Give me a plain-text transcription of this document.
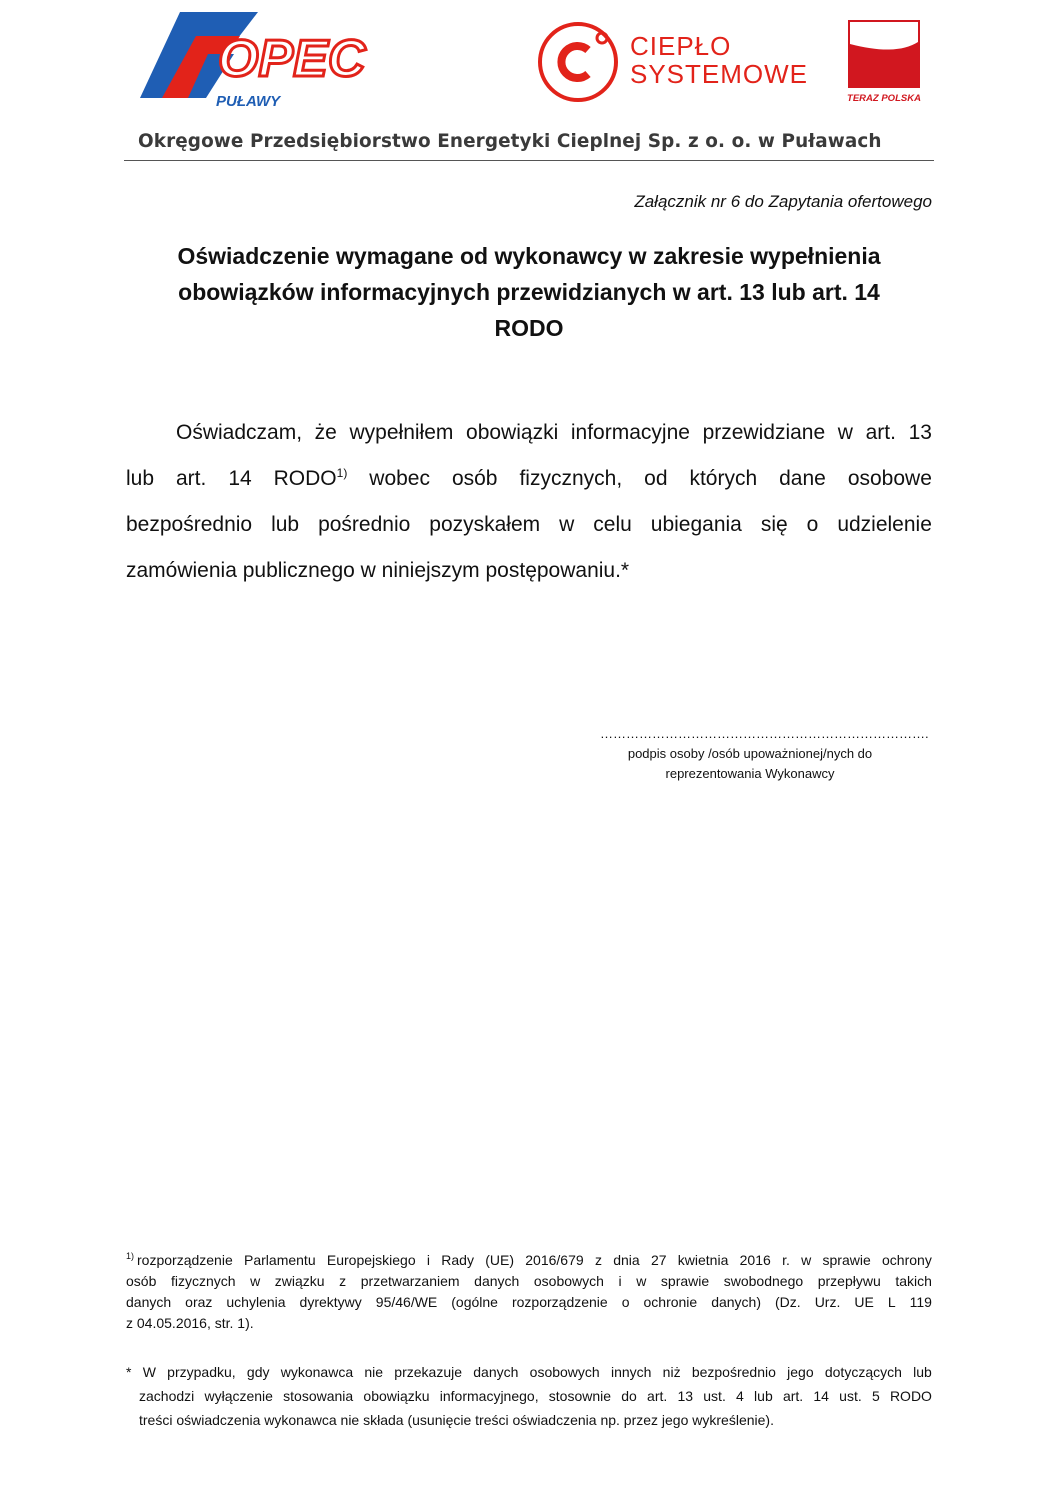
OPEC
PUŁAWY
CIEPŁO
SYSTEMOWE
TERAZ POLSKA
Okręgowe Przedsiębiorstwo Energetyki Cieplnej Sp. z o. o. w Puławach
Załącznik nr 6 do Zapytania ofertowego
Oświadczenie wymagane od wykonawcy w zakresie wypełnienia
obowiązków informacyjnych przewidzianych w art. 13 lub art. 14
RODO
Oświadczam, że wypełniłem obowiązki informacyjne przewidziane w art. 13
lub art. 14 RODO$^{1)}$ wobec osób fizycznych, od których dane osobowe
bezpośrednio lub pośrednio pozyskałem w celu ubiegania się o udzielenie
zamówienia publicznego w niniejszym postępowaniu.*
………………………………………………………………….
podpis osoby /osób upoważnionej/nych do
reprezentowania Wykonawcy
$^{1)}$ rozporządzenie Parlamentu Europejskiego i Rady (UE) 2016/679 z dnia 27 kwietnia 2016 r. w sprawie ochrony
osób fizycznych w związku z przetwarzaniem danych osobowych i w sprawie swobodnego przepływu takich
danych oraz uchylenia dyrektywy 95/46/WE (ogólne rozporządzenie o ochronie danych) (Dz. Urz. UE L 119
z 04.05.2016, str. 1).
* W przypadku, gdy wykonawca nie przekazuje danych osobowych innych niż bezpośrednio jego dotyczących lub
zachodzi wyłączenie stosowania obowiązku informacyjnego, stosownie do art. 13 ust. 4 lub art. 14 ust. 5 RODO
treści oświadczenia wykonawca nie składa (usunięcie treści oświadczenia np. przez jego wykreślenie).
